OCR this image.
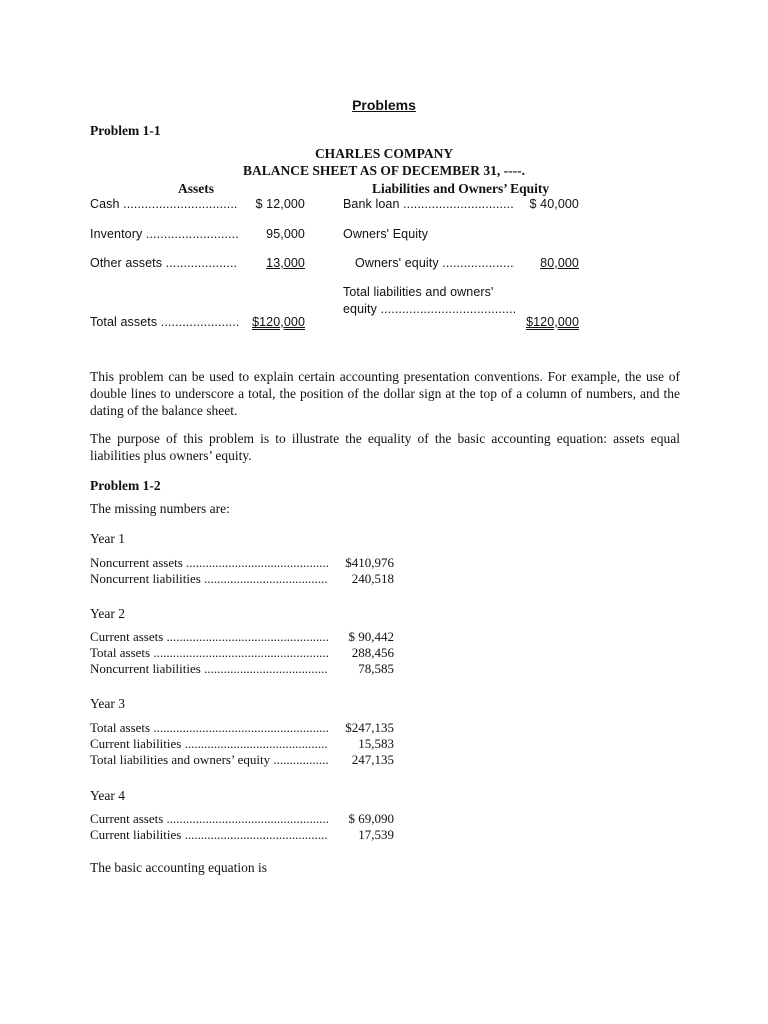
Problems
Problem 1-1
CHARLES COMPANY
BALANCE SHEET AS OF DECEMBER 31, ----.
Assets	Liabilities and Owners’ Equity
Cash .....	$ 12,000
Inventory .....	95,000
Other assets .....	13,000
Total assets .....	$120,000
Bank loan .....	$ 40,000
Owners' Equity
Owners' equity .....	80,000
Total liabilities and owners'
equity .....
$120,000
This problem can be used to explain certain accounting presentation conventions. For example, the use of double lines to underscore a total, the position of the dollar sign at the top of a column of numbers, and the dating of the balance sheet.
The purpose of this problem is to illustrate the equality of the basic accounting equation: assets equal liabilities plus owners’ equity.
Problem 1-2
The missing numbers are:
Year 1
Noncurrent assets .....	$410,976
Noncurrent liabilities .....	240,518
Year 2
Current assets .....	$ 90,442
Total assets .....	288,456
Noncurrent liabilities .....	78,585
Year 3
Total assets .....	$247,135
Current liabilities .....	15,583
Total liabilities and owners’ equity .....	247,135
Year 4
Current assets .....	$ 69,090
Current liabilities .....	17,539
The basic accounting equation is
